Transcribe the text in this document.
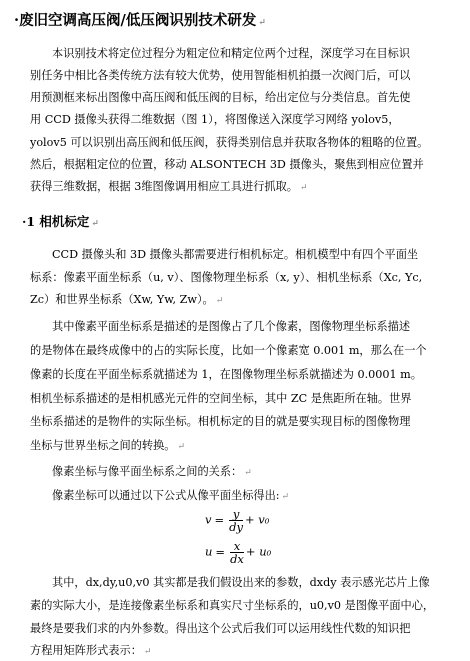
·废旧空调高压阀/低压阀识别技术研发 ↵
本识别技术将定位过程分为粗定位和精定位两个过程，深度学习在目标识
别任务中相比各类传统方法有较大优势，使用智能相机拍摄一次阀门后，可以
用预测框来标出图像中高压阀和低压阀的目标，给出定位与分类信息。首先使
用 CCD 摄像头获得二维数据（图 1），将图像送入深度学习网络 yolov5，
yolov5 可以识别出高压阀和低压阀，获得类别信息并获取各物体的粗略的位置。
然后，根据粗定位的位置，移动 ALSONTECH 3D 摄像头，聚焦到相应位置并
获得三维数据，根据 3维图像调用相应工具进行抓取。 ↵
·1 相机标定 ↵
CCD 摄像头和 3D 摄像头都需要进行相机标定。相机模型中有四个平面坐
标系：像素平面坐标系（u, v）、图像物理坐标系（x, y）、相机坐标系（Xc, Yc,
Zc）和世界坐标系（Xw, Yw, Zw）。 ↵
其中像素平面坐标系是描述的是图像占了几个像素，图像物理坐标系描述
的是物体在最终成像中的占的实际长度，比如一个像素宽 0.001 m，那么在一个
像素的长度在平面坐标系就描述为 1，在图像物理坐标系就描述为 0.0001 m。
相机坐标系描述的是相机感光元件的空间坐标，其中 ZC 是焦距所在轴。世界
坐标系描述的是物件的实际坐标。相机标定的目的就是要实现目标的图像物理
坐标与世界坐标之间的转换。 ↵
像素坐标与像平面坐标系之间的关系： ↵
像素坐标可以通过以下公式从像平面坐标得出: ↵
$v = \frac{y}{dy} + v_0$
$u = \frac{x}{dx} + u_0$
其中，dx,dy,u0,v0 其实都是我们假设出来的参数，dxdy 表示感光芯片上像
素的实际大小，是连接像素坐标系和真实尺寸坐标系的，u0,v0 是图像平面中心，
最终是要我们求的内外参数。得出这个公式后我们可以运用线性代数的知识把
方程用矩阵形式表示： ↵
